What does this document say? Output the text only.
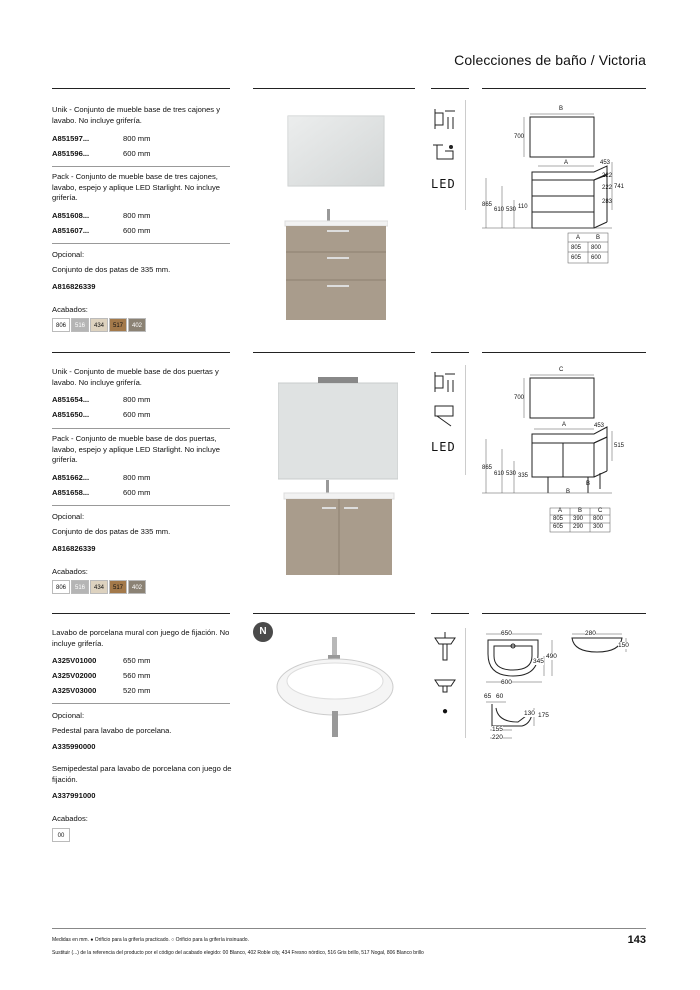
Colecciones de baño / Victoria
Unik - Conjunto de mueble base de tres cajones y lavabo. No incluye grifería.
A851597...	800 mm
A851596...	600 mm
Pack - Conjunto de mueble base de tres cajones, lavabo, espejo y aplique LED Starlight. No incluye grifería.
A851608...	800 mm
A851607...	600 mm
Opcional:
Conjunto de dos patas de 335 mm.
A816826339
Acabados:
806	516	434	517	402
LED
B
700
A	453
222
222 741
283
865
610 530 110
A	B
805 800
605 600
Unik - Conjunto de mueble base de dos puertas y lavabo. No incluye grifería.
A851654...	800 mm
A851650...	600 mm
Pack - Conjunto de mueble base de dos puertas, lavabo, espejo y aplique LED Starlight. No incluye grifería.
A851662...	800 mm
A851658...	600 mm
Opcional:
Conjunto de dos patas de 335 mm.
A816826339
Acabados:
806	516	434	517	402
LED
C
700
A	453
515
865
610 530 335
B
B
A	B	C
805 390 800
605 290 300
N
Lavabo de porcelana mural con juego de fijación. No incluye grifería.
A325V01000	650 mm
A325V02000	560 mm
A325V03000	520 mm
Opcional:
Pedestal para lavabo de porcelana.
A335990000
Semipedestal para lavabo de porcelana con juego de fijación.
A337991000
Acabados:
00
●
650	280
150
345
490
600
65 60
130 175
155
220
Medidas en mm. ● Orificio para la grifería practicado. ○ Orificio para la grifería insinuado.
Sustituir (...) de la referencia del producto por el código del acabado elegido: 00 Blanco, 402 Roble city, 434 Fresno nórdico, 516 Gris brillo, 517 Nogal, 806 Blanco brillo
143
